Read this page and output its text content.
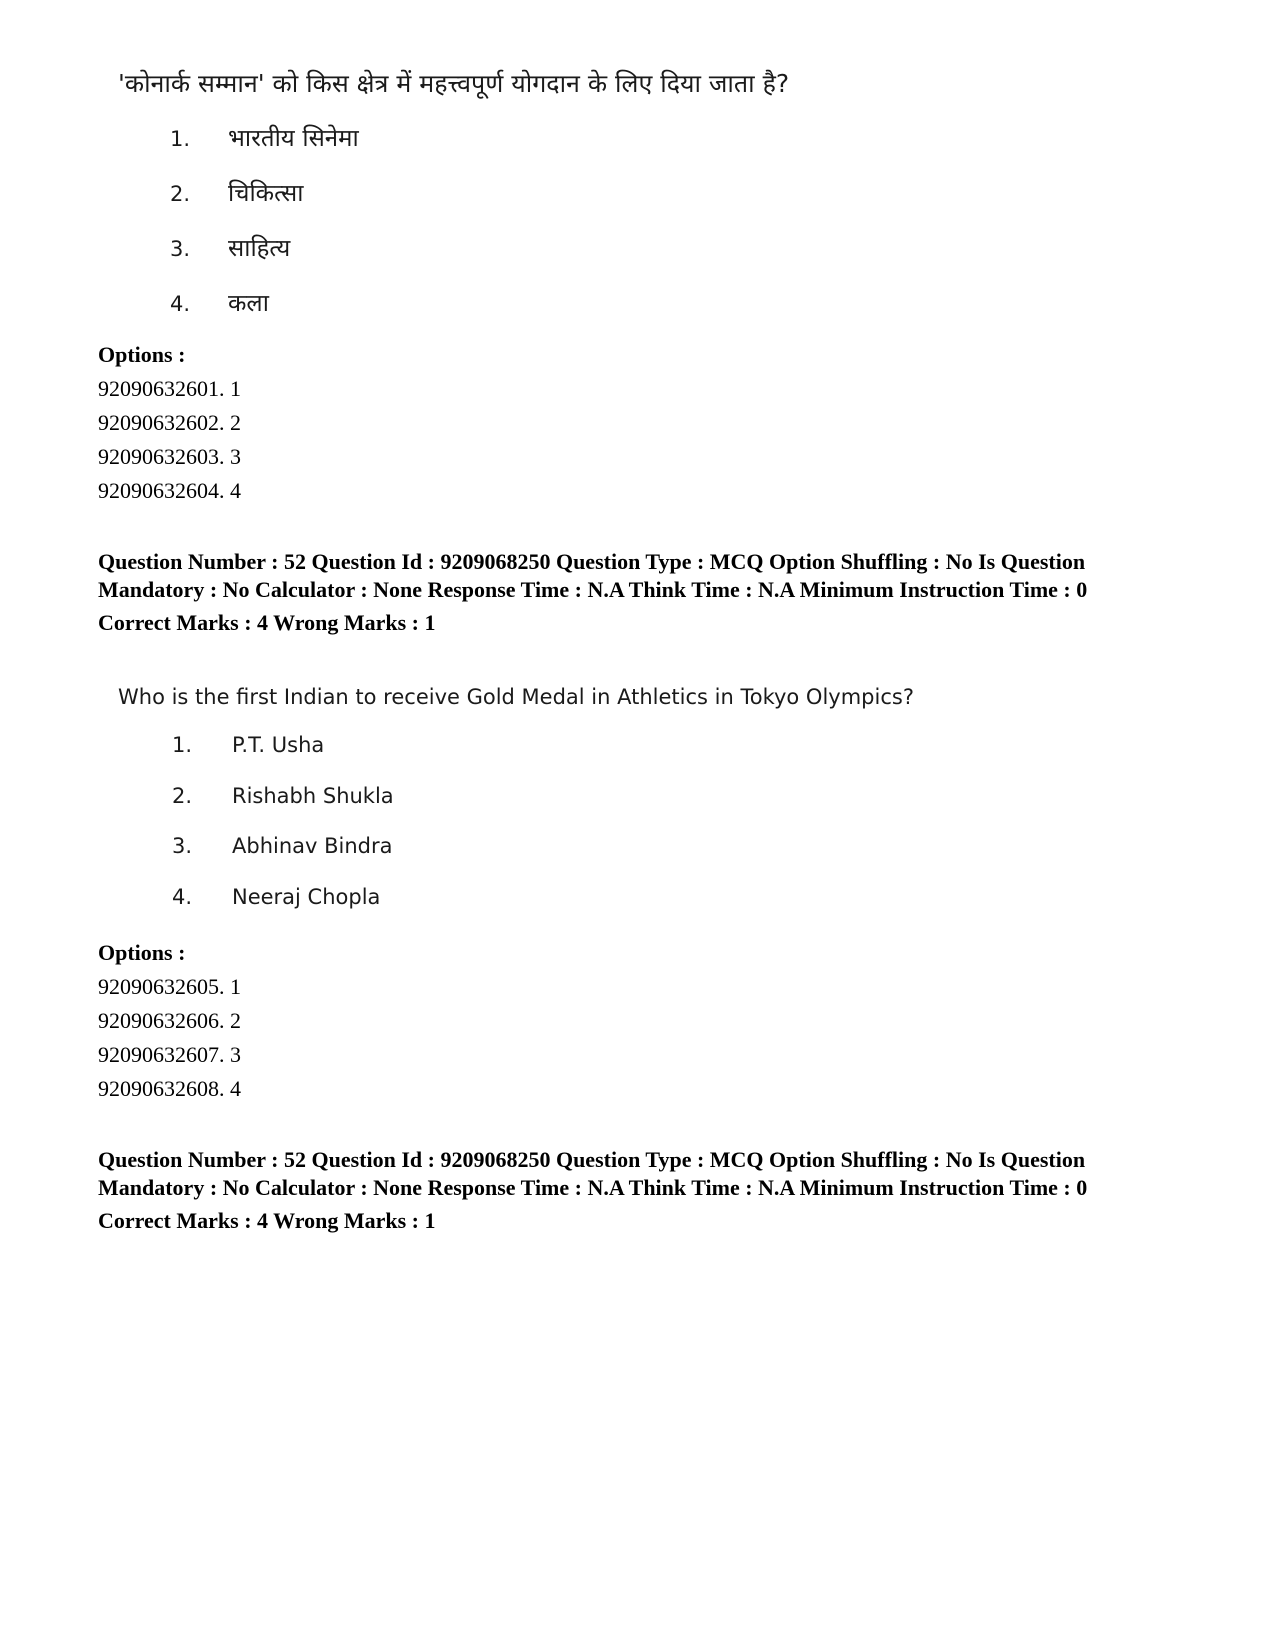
'कोनार्क सम्मान' को किस क्षेत्र में महत्त्वपूर्ण योगदान के लिए दिया जाता है?
1. भारतीय सिनेमा
2. चिकित्सा
3. साहित्य
4. कला
Options :
92090632601. 1
92090632602. 2
92090632603. 3
92090632604. 4
Question Number : 52 Question Id : 9209068250 Question Type : MCQ Option Shuffling : No Is Question Mandatory : No Calculator : None Response Time : N.A Think Time : N.A Minimum Instruction Time : 0
Correct Marks : 4 Wrong Marks : 1
Who is the first Indian to receive Gold Medal in Athletics in Tokyo Olympics?
1. P.T. Usha
2. Rishabh Shukla
3. Abhinav Bindra
4. Neeraj Chopla
Options :
92090632605. 1
92090632606. 2
92090632607. 3
92090632608. 4
Question Number : 52 Question Id : 9209068250 Question Type : MCQ Option Shuffling : No Is Question Mandatory : No Calculator : None Response Time : N.A Think Time : N.A Minimum Instruction Time : 0
Correct Marks : 4 Wrong Marks : 1
